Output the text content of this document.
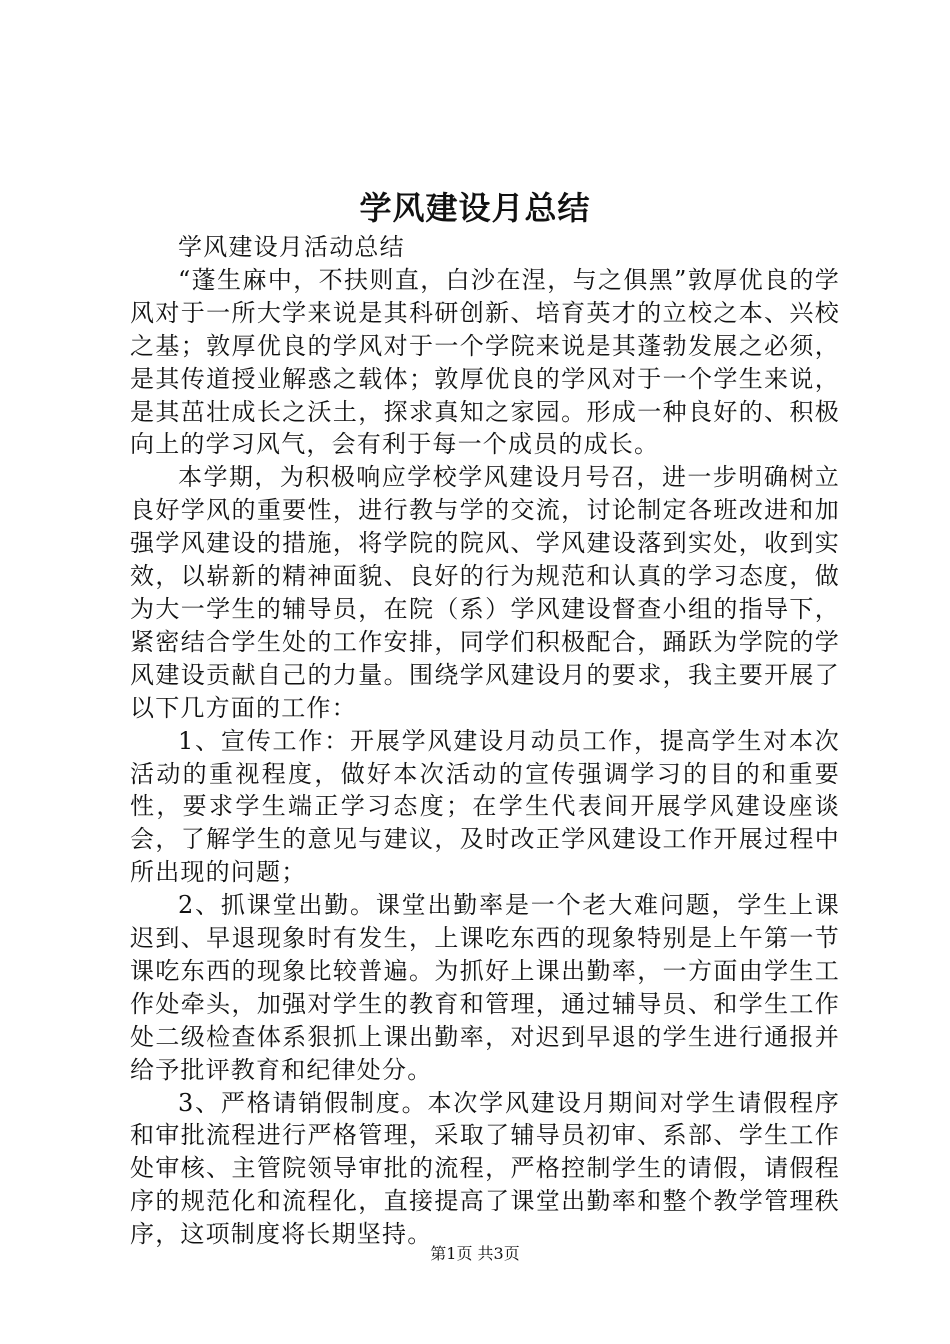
学风建设月总结

学风建设月活动总结

“蓬生麻中，不扶则直，白沙在涅，与之俱黑”敦厚优良的学风对于一所大学来说是其科研创新、培育英才的立校之本、兴校之基；敦厚优良的学风对于一个学院来说是其蓬勃发展之必须，是其传道授业解惑之载体；敦厚优良的学风对于一个学生来说，是其茁壮成长之沃土，探求真知之家园。形成一种良好的、积极向上的学习风气，会有利于每一个成员的成长。

本学期，为积极响应学校学风建设月号召，进一步明确树立良好学风的重要性，进行教与学的交流，讨论制定各班改进和加强学风建设的措施，将学院的院风、学风建设落到实处，收到实效，以崭新的精神面貌、良好的行为规范和认真的学习态度，做为大一学生的辅导员，在院（系）学风建设督查小组的指导下，紧密结合学生处的工作安排，同学们积极配合，踊跃为学院的学风建设贡献自己的力量。围绕学风建设月的要求，我主要开展了以下几方面的工作：

1、宣传工作：开展学风建设月动员工作，提高学生对本次活动的重视程度，做好本次活动的宣传强调学习的目的和重要性，要求学生端正学习态度；在学生代表间开展学风建设座谈会，了解学生的意见与建议，及时改正学风建设工作开展过程中所出现的问题；

2、抓课堂出勤。课堂出勤率是一个老大难问题，学生上课迟到、早退现象时有发生，上课吃东西的现象特别是上午第一节课吃东西的现象比较普遍。为抓好上课出勤率，一方面由学生工作处牵头，加强对学生的教育和管理，通过辅导员、和学生工作处二级检查体系狠抓上课出勤率，对迟到早退的学生进行通报并给予批评教育和纪律处分。

3、严格请销假制度。本次学风建设月期间对学生请假程序和审批流程进行严格管理，采取了辅导员初审、系部、学生工作处审核、主管院领导审批的流程，严格控制学生的请假，请假程序的规范化和流程化，直接提高了课堂出勤率和整个教学管理秩序，这项制度将长期坚持。

第1页 共3页
